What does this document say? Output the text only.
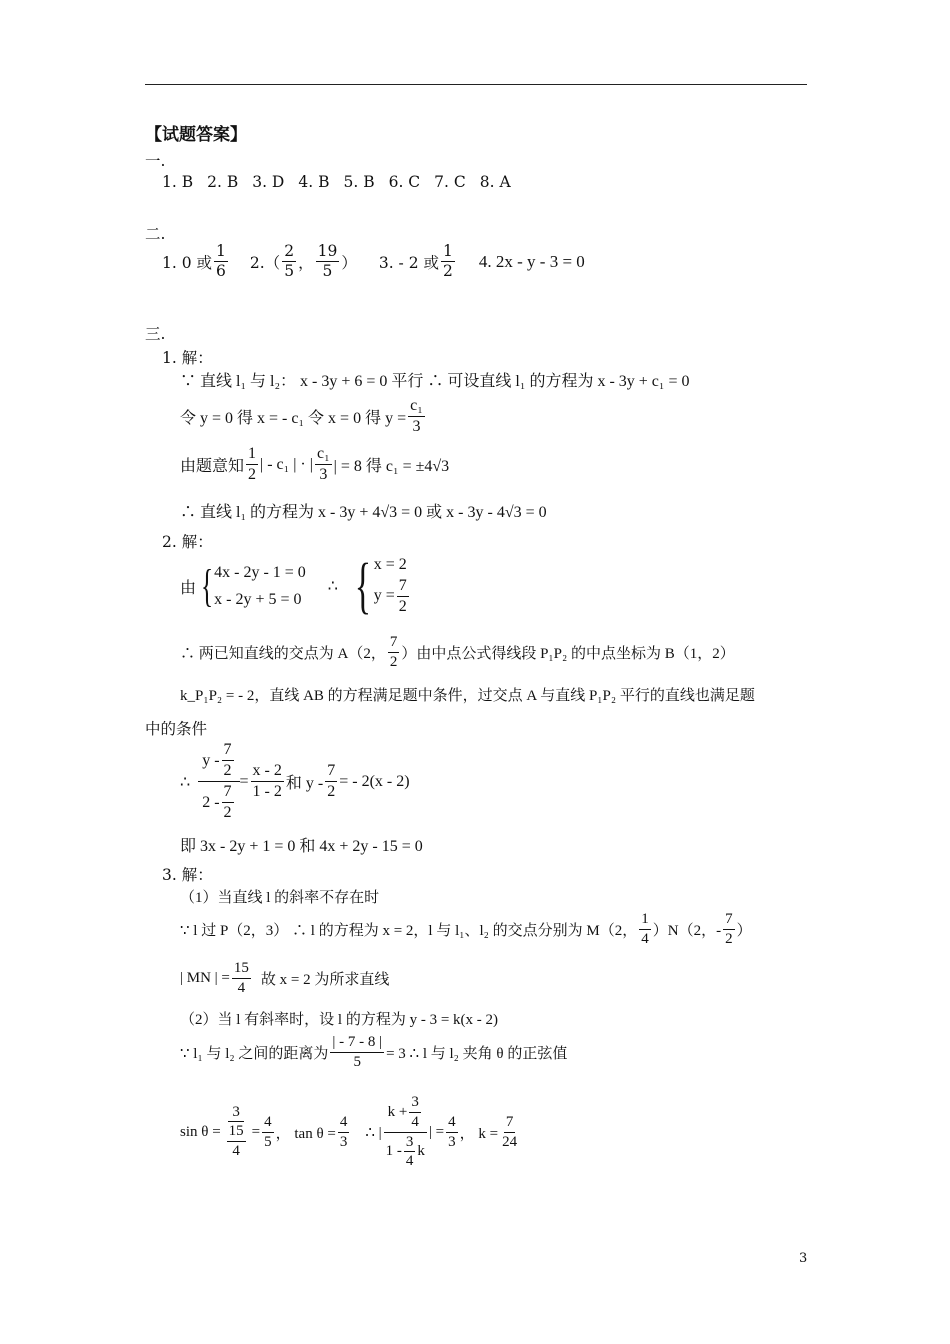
【试题答案】
一.
1. B 2. B 3. D 4. B 5. B 6. C 7. C 8. A
二.
1. 0 或
1
6 2.（
2
5 ，
19
5 ） 3. - 2 或
1
2
4. 2x - y - 3 = 0
三.
1. 解：
∵ 直线 l₁ 与 l₂： x - 3y + 6 = 0 平行 ∴ 可设直线 l₁ 的方程为 x - 3y + c₁ = 0
令 y = 0 得 x = - c₁ 令 x = 0 得 $y = \frac{\text{c₁}}{3}$
由题意知
1
2
| - c₁ | · |
c₁
3 | = 8 得 c₁ = ±4√3
∴ 直线 l₁ 的方程为 x - 3y + 4√3 = 0 或 x - 3y - 4√3 = 0
2. 解：
由 { 4x - 2y - 1 = 0
x - 2y + 5 = 0
∴ { x = 2
$y = \frac{7}{2}$
∴ 两已知直线的交点为 A（2，
7
2 ）由中点公式得线段 P₁P₂ 的中点坐标为 B（1，2）
k_P₁P₂ = - 2，直线 AB 的方程满足题中条件，过交点 A 与直线 P₁P₂ 平行的直线也满足题
中的条件
∴ y -
7
2
2 -
7
$2 = \frac{x - 2}{1 - 2}$ 和 y - $\frac{7}{2}$ = - 2(x - 2)
即 3x - 2y + 1 = 0 和 4x + 2y - 15 = 0
3. 解：
（1）当直线 l 的斜率不存在时
∵ l 过 P（2，3） ∴ l 的方程为 x = 2，l 与 l₁、l₂ 的交点分别为 M（2，
1
4 ）N（2，-
7
2 ）
| MN | = $\frac{15}{4}$ 故 x = 2 为所求直线
（2）当 l 有斜率时，设 l 的方程为 y - 3 = k(x - 2)
∵ l₁ 与 l₂ 之间的距离为 $\frac{| - 7 - 8 |}{5} = 3$ ∴ l 与 l₂ 夹角 θ 的正弦值
sin θ = 3
15
$4 = \frac{4}{5}$ ， $\tan \theta = \frac{4}{3}$ ∴ |
$k + \frac{3}{4}$
1 -
3
4
k
| = $\frac{4}{3}$ ， $k = \frac{7}{24}$
3
